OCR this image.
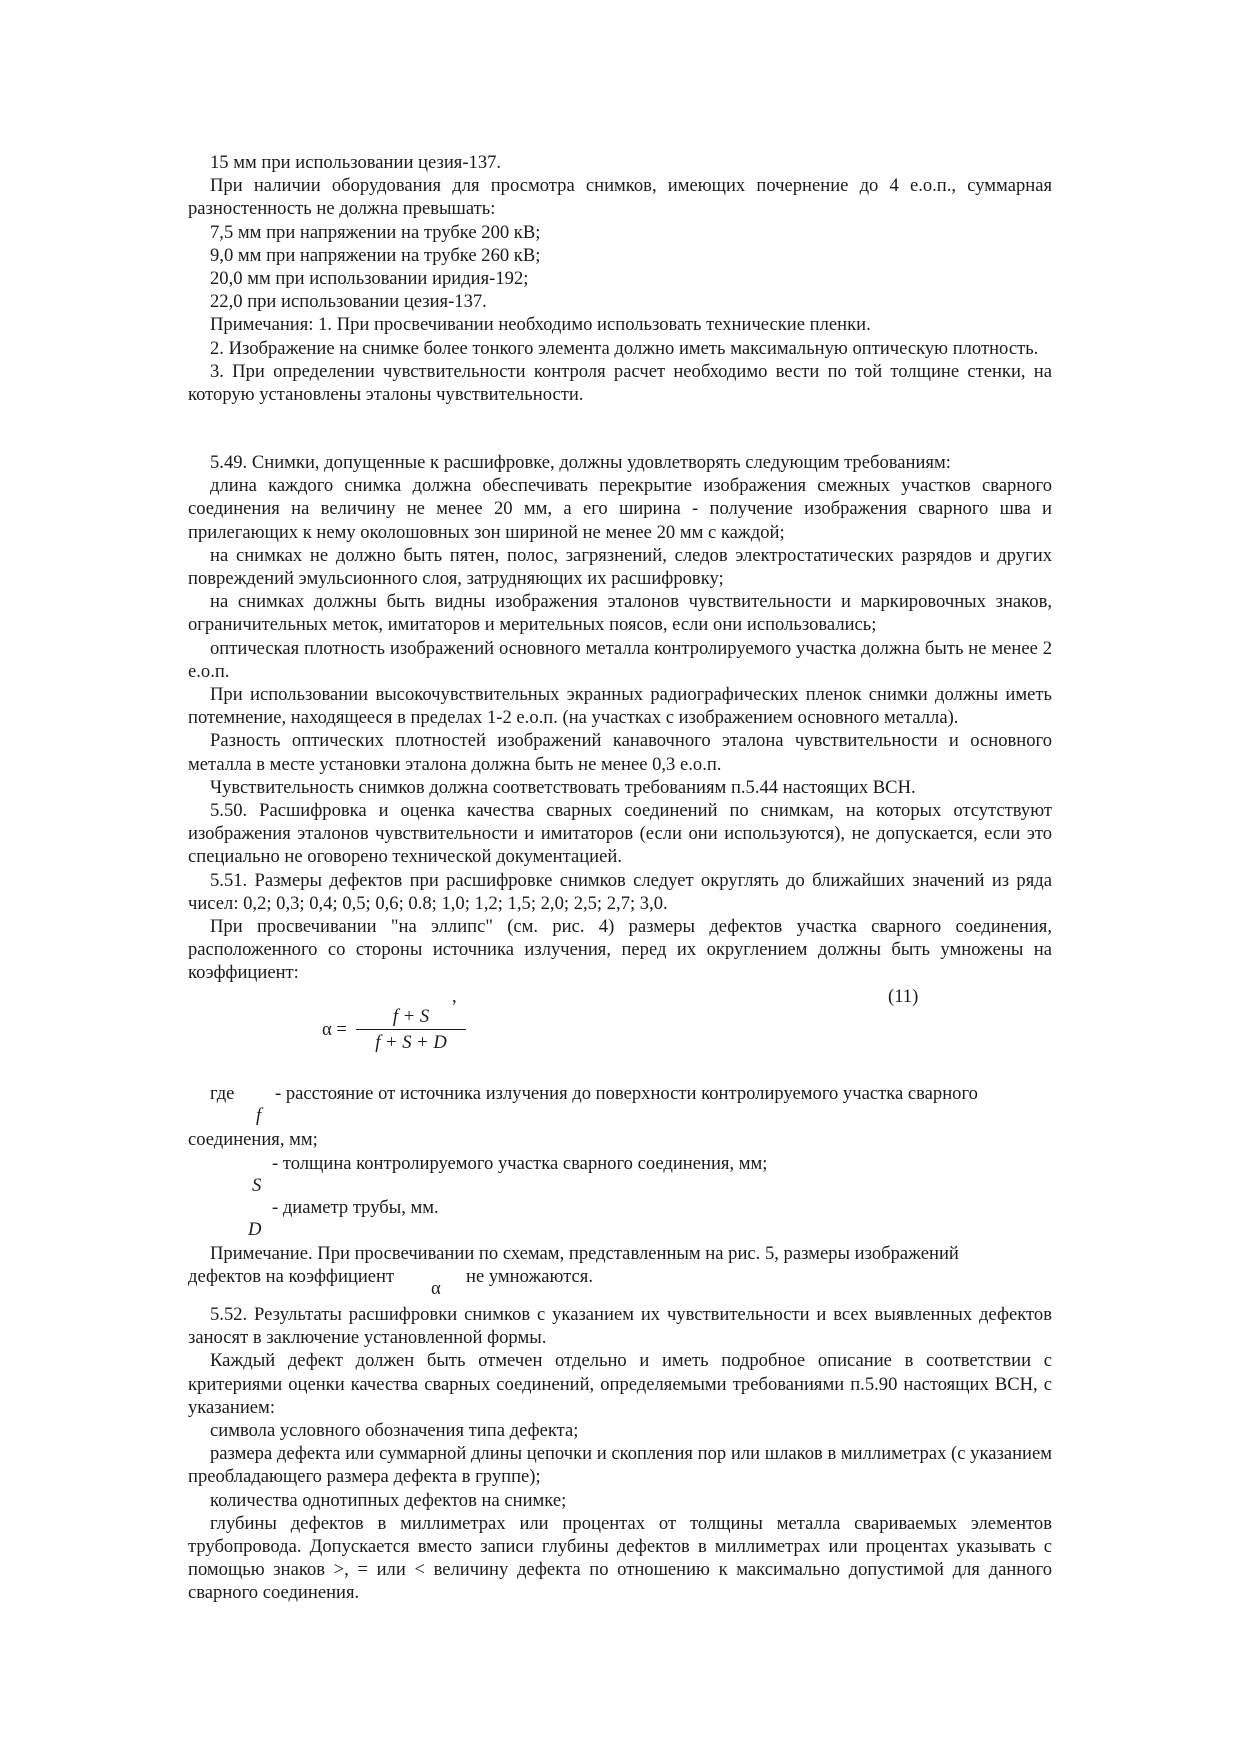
15 мм при использовании цезия-137.

При наличии оборудования для просмотра снимков, имеющих почернение до 4 е.о.п., суммарная разностенность не должна превышать:

7,5 мм при напряжении на трубке 200 кВ;

9,0 мм при напряжении на трубке 260 кВ;

20,0 мм при использовании иридия-192;

22,0 при использовании цезия-137.

Примечания: 1. При просвечивании необходимо использовать технические пленки.

2. Изображение на снимке более тонкого элемента должно иметь максимальную оптическую плотность.

3. При определении чувствительности контроля расчет необходимо вести по той толщине стенки, на которую установлены эталоны чувствительности.

5.49. Снимки, допущенные к расшифровке, должны удовлетворять следующим требованиям:

длина каждого снимка должна обеспечивать перекрытие изображения смежных участков сварного соединения на величину не менее 20 мм, а его ширина - получение изображения сварного шва и прилегающих к нему околошовных зон шириной не менее 20 мм с каждой;

на снимках не должно быть пятен, полос, загрязнений, следов электростатических разрядов и других повреждений эмульсионного слоя, затрудняющих их расшифровку;

на снимках должны быть видны изображения эталонов чувствительности и маркировочных знаков, ограничительных меток, имитаторов и мерительных поясов, если они использовались;

оптическая плотность изображений основного металла контролируемого участка должна быть не менее 2 е.о.п.

При использовании высокочувствительных экранных радиографических пленок снимки должны иметь потемнение, находящееся в пределах 1-2 е.о.п. (на участках с изображением основного металла).

Разность оптических плотностей изображений канавочного эталона чувствительности и основного металла в месте установки эталона должна быть не менее 0,3 е.о.п.

Чувствительность снимков должна соответствовать требованиям п.5.44 настоящих ВСН.

5.50. Расшифровка и оценка качества сварных соединений по снимкам, на которых отсутствуют изображения эталонов чувствительности и имитаторов (если они используются), не допускается, если это специально не оговорено технической документацией.

5.51. Размеры дефектов при расшифровке снимков следует округлять до ближайших значений из ряда чисел: 0,2; 0,3; 0,4; 0,5; 0,6; 0.8; 1,0; 1,2; 1,5; 2,0; 2,5; 2,7; 3,0.

При просвечивании "на эллипс" (см. рис. 4) размеры дефектов участка сварного соединения, расположенного со стороны источника излучения, перед их округлением должны быть умножены на коэффициент:

,	(11)
$\alpha = \frac{f + S}{f + S + D}$
где - расстояние от источника излучения до поверхности контролируемого участка сварного
f

соединения, мм;

- толщина контролируемого участка сварного соединения, мм;
S
- диаметр трубы, мм.
D

Примечание. При просвечивании по схемам, представленным на рис. 5, размеры изображений

дефектов на коэффициент
α
не умножаются.

5.52. Результаты расшифровки снимков с указанием их чувствительности и всех выявленных дефектов заносят в заключение установленной формы.

Каждый дефект должен быть отмечен отдельно и иметь подробное описание в соответствии с критериями оценки качества сварных соединений, определяемыми требованиями п.5.90 настоящих ВСН, с указанием:

символа условного обозначения типа дефекта;

размера дефекта или суммарной длины цепочки и скопления пор или шлаков в миллиметрах (с указанием преобладающего размера дефекта в группе);

количества однотипных дефектов на снимке;

глубины дефектов в миллиметрах или процентах от толщины металла свариваемых элементов трубопровода. Допускается вместо записи глубины дефектов в миллиметрах или процентах указывать с помощью знаков >, = или < величину дефекта по отношению к максимально допустимой для данного сварного соединения.
